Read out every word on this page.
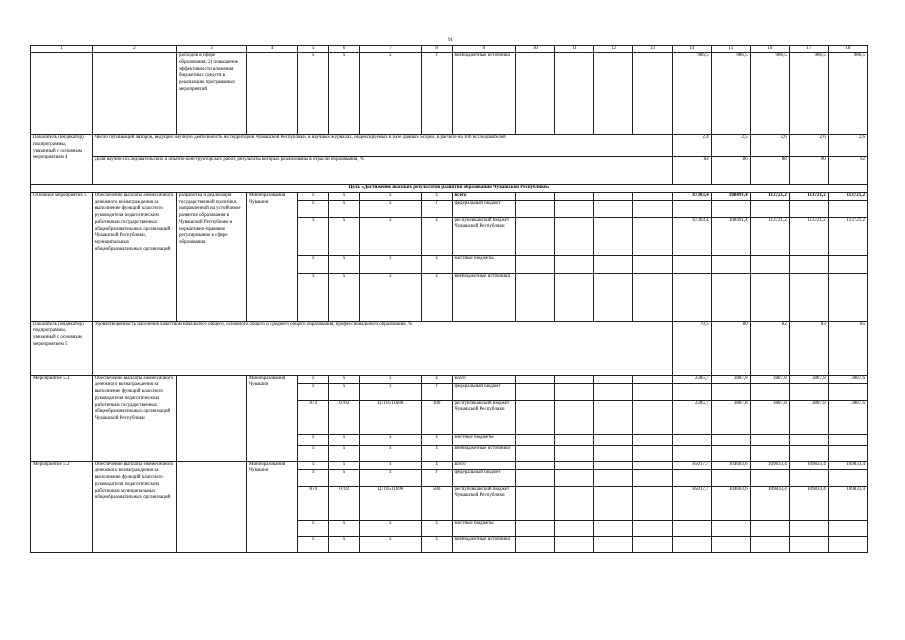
91
1	2	3	4	5	6	7	8	9	10	11	12	13	14	15	16	17	18
		расходов в сфере образования; 2) повышение эффективности вложения бюджетных средств в реализацию программных мероприятий		х	х	х	г	внебюджетные источники					986,5	986,5	986,5	986,5	986,5
Показатель (индикатор) подпрограммы, увязанный с основным мероприятием 4	Число публикаций авторов, ведущих научную деятельность на территории Чувашской Республики, в научных журналах, индексируемых в базе данных Scopus, в расчете на 100 исследователей												2,4	2,5	2,6	2,6	2,6
	Доля научно-исследовательских и опытно-конструкторских работ, результаты которых реализованы в отрасли образования, %												84	86	88	90	92
Цель «Достижение высоких результатов развития образования Чувашской Республики»																	
Основное мероприятие 5	Обеспечение выплаты ежемесячного денежного вознаграждения за выполнение функций классного руководителя педагогическим работникам государственных общеобразовательных организаций Чувашской Республики, муниципальных общеобразовательных организаций	разработка и реализация государственной политики, направленной на устойчивое развитие образования в Чувашской Республике и нормативно-правовое регулирование в сфере образования	Минобразования Чувашии	х	х	х	х	всего					87303,4	108491,4	113721,2	113721,2	113721,2
				х	х	х	г	федеральный бюджет									
				х	х	х	х	республиканский бюджет Чувашской Республики					87303,4	108491,4	113721,2	113721,2	113721,2
				х	х	х	х	местные бюджеты									
				х	х	х	х	внебюджетные источники									
Показатель (индикатор) подпрограммы, увязанный с основным мероприятием 5	Удовлетворенность населения качеством начального общего, основного общего и среднего общего образования, профессионального образования, %												79,5	80	82	83	85
Мероприятие 5.1	Обеспечение выплаты ежемесячного денежного вознаграждения за выполнение функций классного руководителя педагогическим работникам государственных общеобразовательных организаций Чувашской Республики		Минобразования Чувашии	х	х	х	х	всего					2285,7	3887,8	3887,8	3887,8	3887,6
				х	х	х	г	федеральный бюджет									
				874	0702	Ц710511680	100	республиканский бюджет Чувашской Республики					2285,7	3887,8	3887,8	3887,8	3887,6
				х	х	х	х	местные бюджеты									
				х	х	х	х	внебюджетные источники									
Мероприятие 5.2	Обеспечение выплаты ежемесячного денежного вознаграждения за выполнение функций классного руководителя педагогическим работникам муниципальных общеобразовательных организаций		Минобразования Чувашии	х	х	х	х	всего					85017,7	104603,6	109833,4	109833,4	109833,4
				х	х	х	г	федеральный бюджет									
				874	0702	Ц710511690	500	республиканский бюджет Чувашской Республики					85017,7	104603,6	109833,4	109833,4	109833,4
				х	х	х	х	местные бюджеты									
				х	х	х	х	внебюджетные источники									
